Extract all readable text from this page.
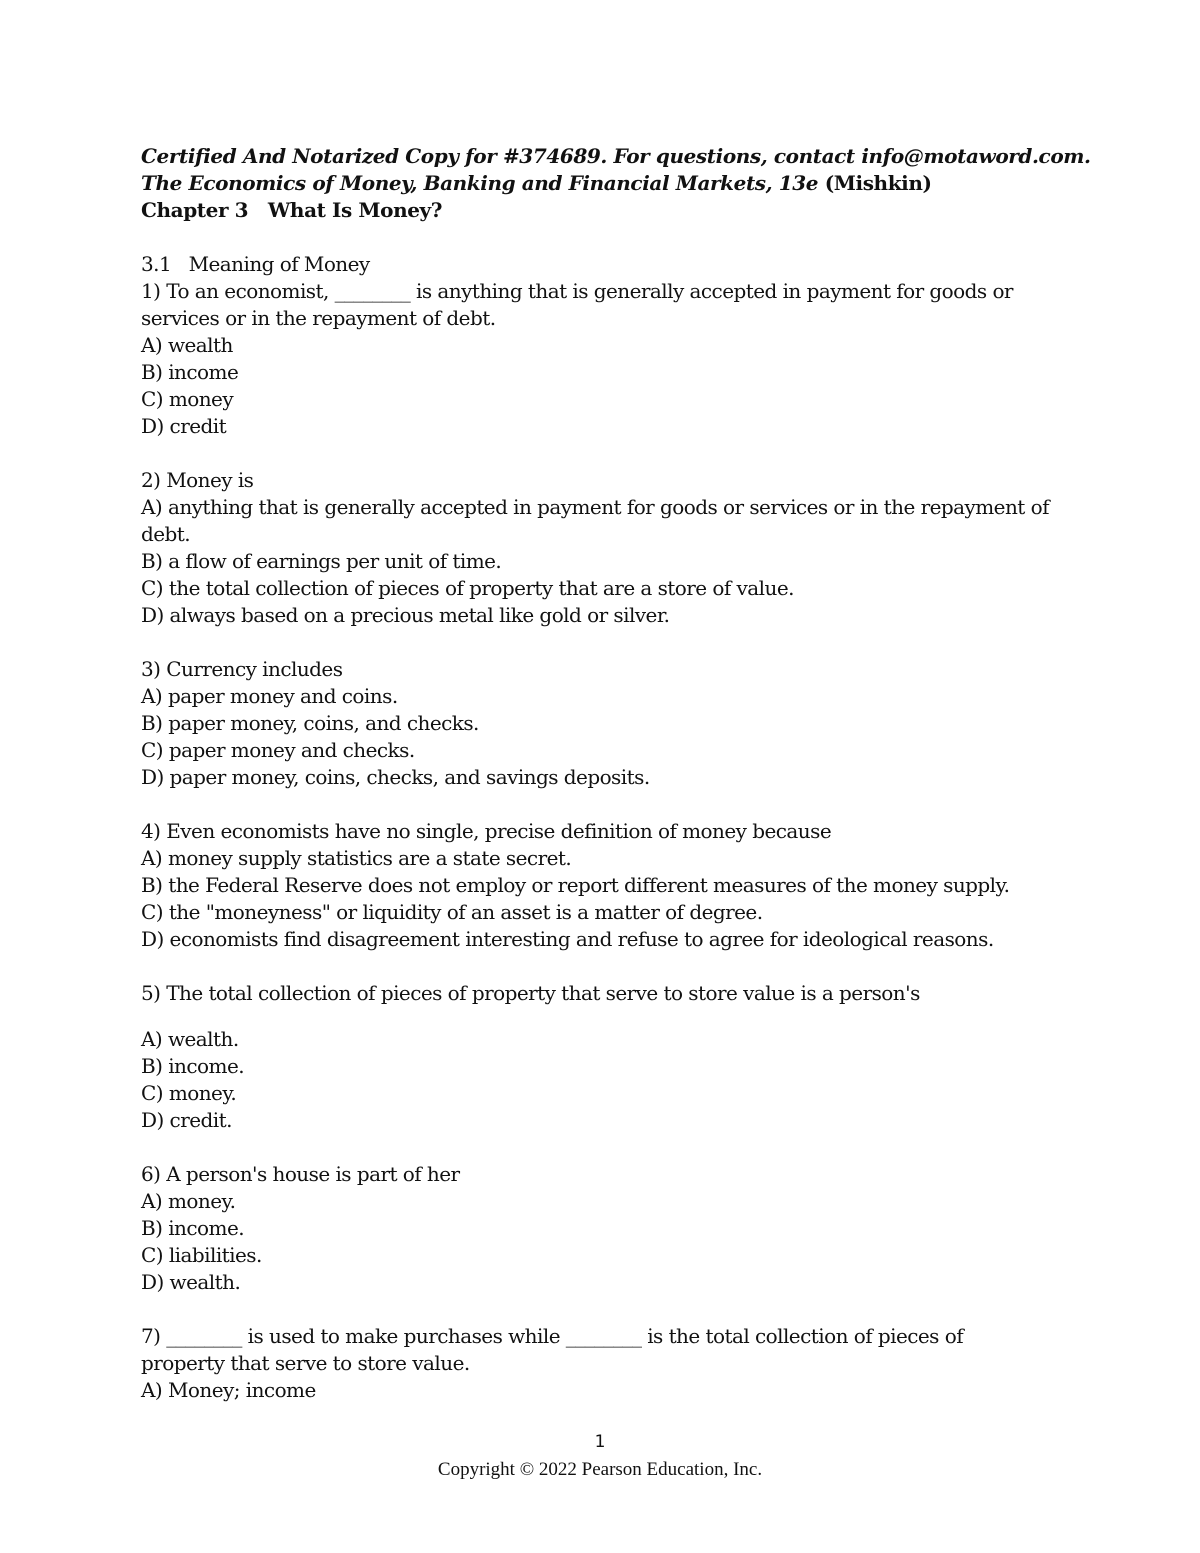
Certified And Notarized Copy for #374689. For questions, contact info@motaword.com.
The Economics of Money, Banking and Financial Markets, 13e (Mishkin)
Chapter 3   What Is Money?
3.1   Meaning of Money
1) To an economist, ________ is anything that is generally accepted in payment for goods or
services or in the repayment of debt.
A) wealth
B) income
C) money
D) credit
2) Money is
A) anything that is generally accepted in payment for goods or services or in the repayment of
debt.
B) a flow of earnings per unit of time.
C) the total collection of pieces of property that are a store of value.
D) always based on a precious metal like gold or silver.
3) Currency includes
A) paper money and coins.
B) paper money, coins, and checks.
C) paper money and checks.
D) paper money, coins, checks, and savings deposits.
4) Even economists have no single, precise definition of money because
A) money supply statistics are a state secret.
B) the Federal Reserve does not employ or report different measures of the money supply.
C) the "moneyness" or liquidity of an asset is a matter of degree.
D) economists find disagreement interesting and refuse to agree for ideological reasons.
5) The total collection of pieces of property that serve to store value is a person's
A) wealth.
B) income.
C) money.
D) credit.
6) A person's house is part of her
A) money.
B) income.
C) liabilities.
D) wealth.
7) ________ is used to make purchases while ________ is the total collection of pieces of
property that serve to store value.
A) Money; income
1
Copyright © 2022 Pearson Education, Inc.
